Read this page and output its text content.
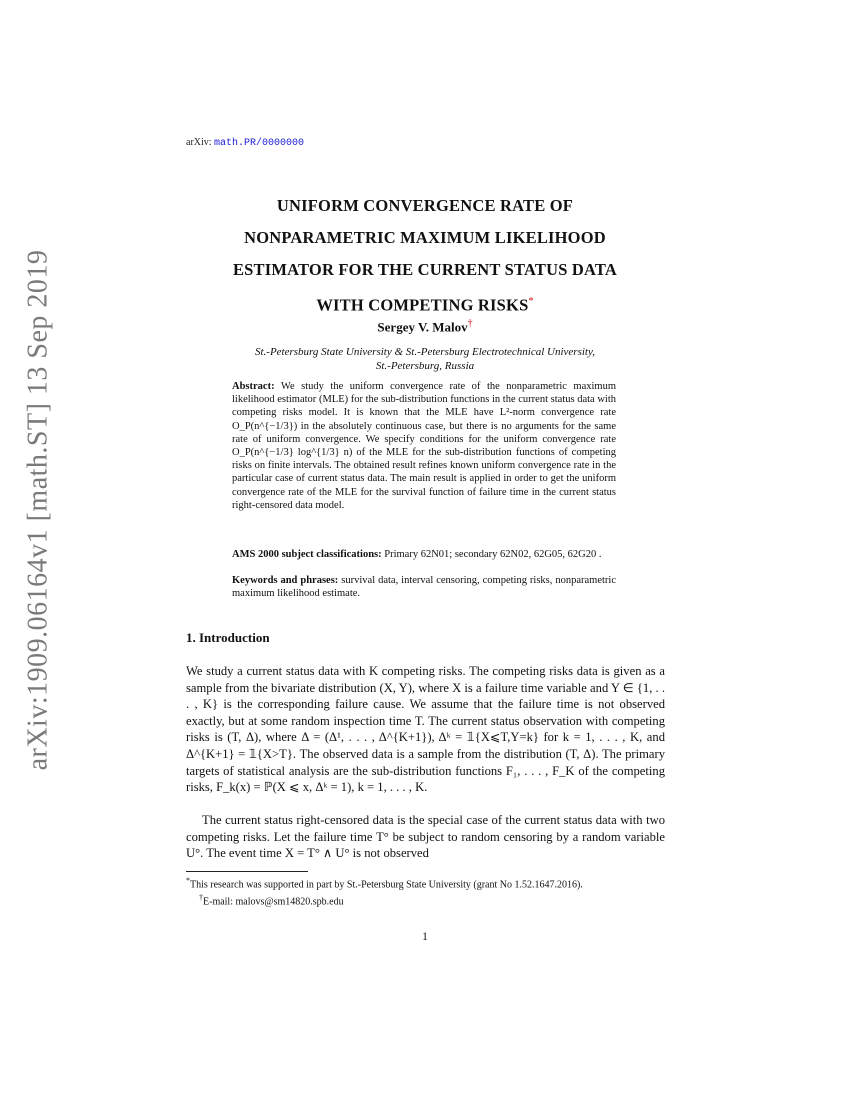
arXiv:1909.06164v1 [math.ST] 13 Sep 2019
arXiv: math.PR/0000000
UNIFORM CONVERGENCE RATE OF
NONPARAMETRIC MAXIMUM LIKELIHOOD
ESTIMATOR FOR THE CURRENT STATUS DATA
WITH COMPETING RISKS*
Sergey V. Malov†
St.-Petersburg State University & St.-Petersburg Electrotechnical University,
St.-Petersburg, Russia
Abstract: We study the uniform convergence rate of the nonparametric maximum likelihood estimator (MLE) for the sub-distribution functions in the current status data with competing risks model. It is known that the MLE have L²-norm convergence rate O_P(n^{−1/3}) in the absolutely continuous case, but there is no arguments for the same rate of uniform convergence. We specify conditions for the uniform convergence rate O_P(n^{−1/3} log^{1/3} n) of the MLE for the sub-distribution functions of competing risks on finite intervals. The obtained result refines known uniform convergence rate in the particular case of current status data. The main result is applied in order to get the uniform convergence rate of the MLE for the survival function of failure time in the current status right-censored data model.
AMS 2000 subject classifications: Primary 62N01; secondary 62N02, 62G05, 62G20 .
Keywords and phrases: survival data, interval censoring, competing risks, nonparametric maximum likelihood estimate.
1. Introduction
We study a current status data with K competing risks. The competing risks data is given as a sample from the bivariate distribution (X, Y), where X is a failure time variable and Y ∈ {1, . . . , K} is the corresponding failure cause. We assume that the failure time is not observed exactly, but at some random inspection time T. The current status observation with competing risks is (T, Δ), where Δ = (Δ¹, . . . , Δ^{K+1}), Δᵏ = 𝟙{X⩽T,Y=k} for k = 1, . . . , K, and Δ^{K+1} = 𝟙{X>T}. The observed data is a sample from the distribution (T, Δ). The primary targets of statistical analysis are the sub-distribution functions F₁, . . . , F_K of the competing risks, F_k(x) = ℙ(X ⩽ x, Δᵏ = 1), k = 1, . . . , K.
The current status right-censored data is the special case of the current status data with two competing risks. Let the failure time T° be subject to random censoring by a random variable U°. The event time X = T° ∧ U° is not observed
*This research was supported in part by St.-Petersburg State University (grant No 1.52.1647.2016).
†E-mail: malovs@sm14820.spb.edu
1
